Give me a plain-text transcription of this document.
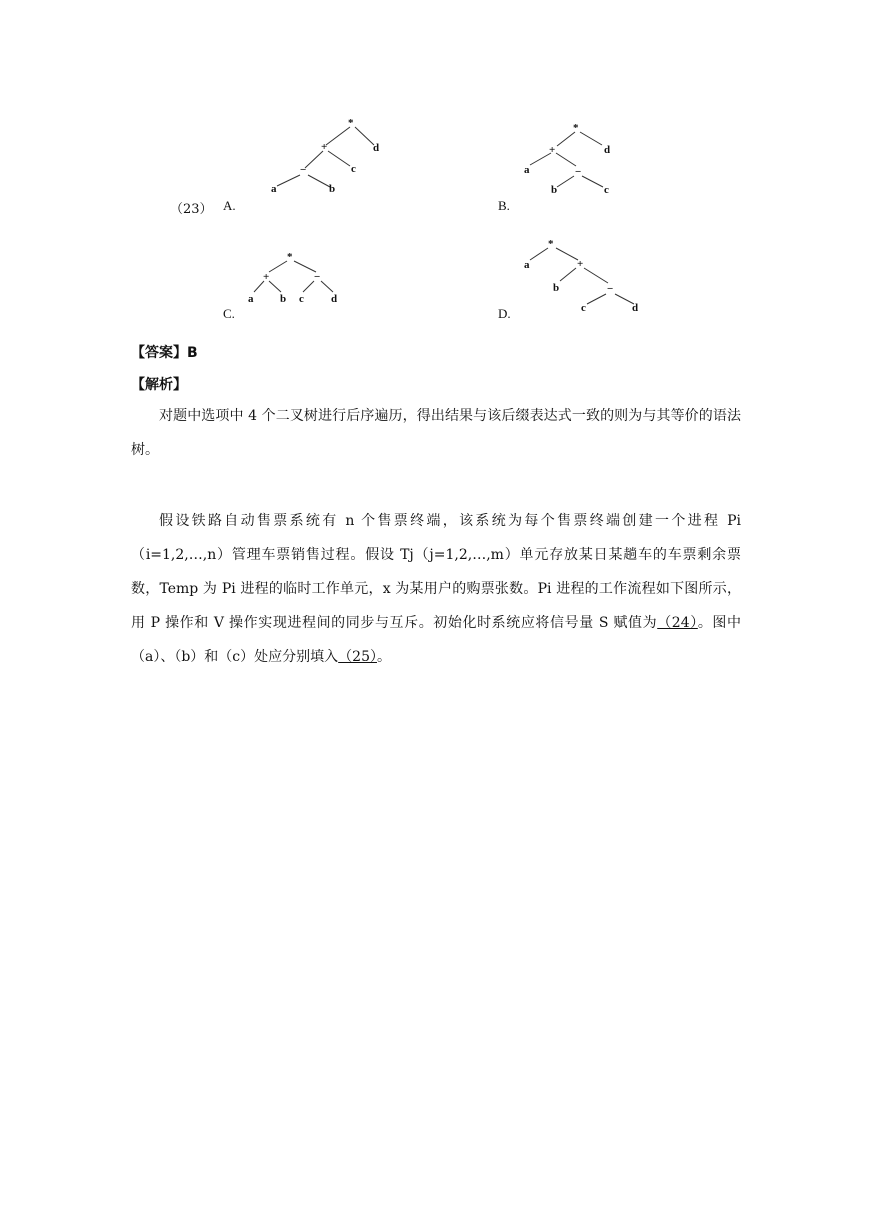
（23） A.
*
d
+
c
−
a	b
B.
*
d
+
a	−
b	c
C.
*
+	−
a b c d
D.
*
a	+
b	−
c	d
【答案】B
【解析】

对题中选项中 4 个二叉树进行后序遍历，得出结果与该后缀表达式一致的则为与其等价的语法树。

假设铁路自动售票系统有 n 个售票终端，该系统为每个售票终端创建一个进程 Pi（i=1,2,…,n）管理车票销售过程。假设 Tj（j=1,2,…,m）单元存放某日某趟车的车票剩余票数，Temp 为 Pi 进程的临时工作单元，x 为某用户的购票张数。Pi 进程的工作流程如下图所示，用 P 操作和 V 操作实现进程间的同步与互斥。初始化时系统应将信号量 S 赋值为（24）。图中（a）、（b）和（c）处应分别填入（25）。
